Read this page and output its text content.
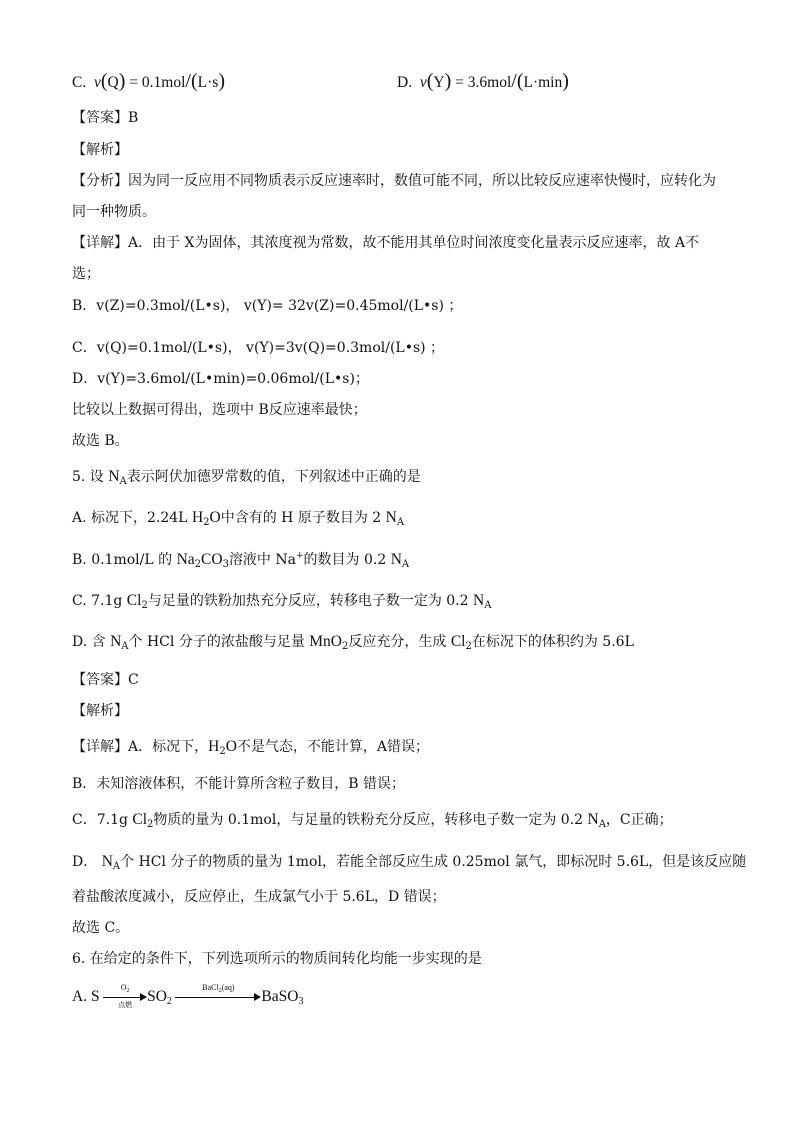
C. v(Q) = 0.1mol/(L·s)	D. v(Y) = 3.6mol/(L·min)
【答案】B
【解析】
【分析】因为同一反应用不同物质表示反应速率时，数值可能不同，所以比较反应速率快慢时，应转化为
同一种物质。
【详解】A．由于 X为固体，其浓度视为常数，故不能用其单位时间浓度变化量表示反应速率，故 A不
选；
B．v(Z)=0.3mol/(L•s)， v(Y)= 32v(Z)=0.45mol/(L•s) ；
C．v(Q)=0.1mol/(L•s)， v(Y)=3v(Q)=0.3mol/(L•s) ；
D．v(Y)=3.6mol/(L•min)=0.06mol/(L•s)；
比较以上数据可得出，选项中 B反应速率最快；
故选 B。
5. 设 $N_A$表示阿伏加德罗常数的值，下列叙述中正确的是
A. 标况下，2.24L $H_2O$中含有的 H 原子数目为 2 $N_A$
B. 0.1mol/L 的 $Na_2CO_3$溶液中 Na+的数目为 0.2 $N_A$
C. 7.1g $Cl_2$与足量的铁粉加热充分反应，转移电子数一定为 0.2 $N_A$
D. 含 $N_A$个 HCl 分子的浓盐酸与足量 MnO$_2$反应充分，生成 $Cl_2$在标况下的体积约为 5.6L
【答案】C
【解析】
【详解】A．标况下，$H_2O$不是气态，不能计算，A错误；
B．未知溶液体积，不能计算所含粒子数目，B 错误；
C．7.1g $Cl_2$物质的量为 0.1mol，与足量的铁粉充分反应，转移电子数一定为 0.2 $N_A$，C正确；
D． $N_A$个 HCl 分子的物质的量为 1mol，若能全部反应生成 0.25mol 氯气，即标况时 5.6L，但是该反应随
着盐酸浓度减小，反应停止，生成氯气小于 5.6L，D 错误；
故选 C。
6. 在给定的条件下，下列选项所示的物质间转化均能一步实现的是
A. S
$O_2$
点燃 $SO_2$
BaCl$_2$(aq)
BaSO$_3$
